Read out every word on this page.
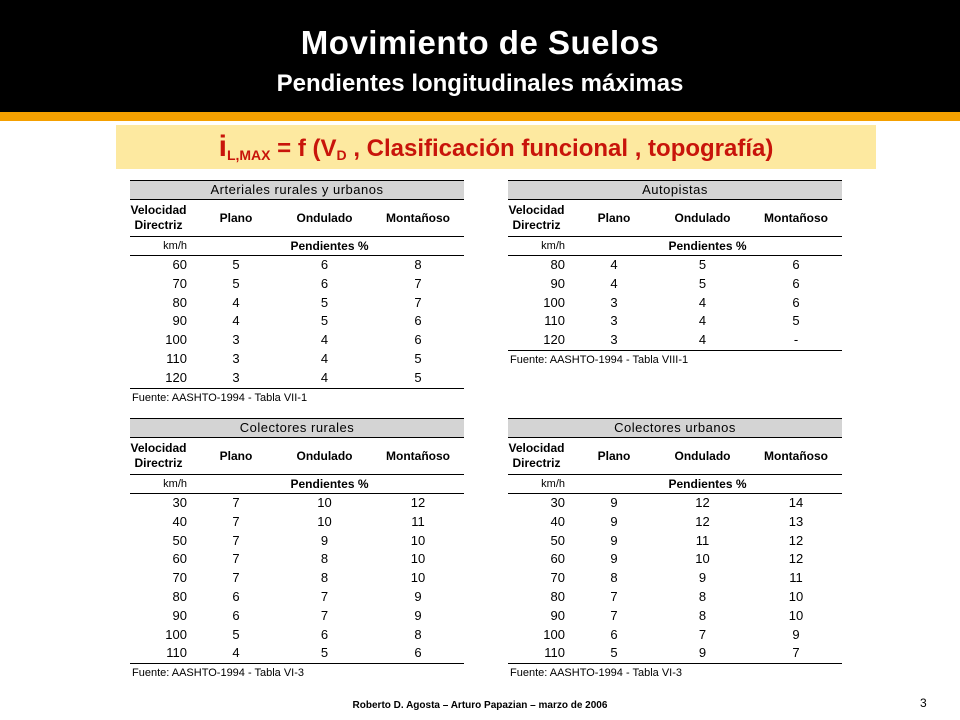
Movimiento de Suelos
Pendientes longitudinales máximas
$i_{L,MAX} = f$ ($V_D$ , Clasificación funcional , topografía)
Arteriales rurales y urbanos
Velocidad Directriz
Plano	Ondulado	Montañoso
km/h	Pendientes %
60	5	6	8
70	5	6	7
80	4	5	7
90	4	5	6
100	3	4	6
110	3	4	5
120	3	4	5
Fuente: AASHTO-1994 - Tabla VII-1
Autopistas
Velocidad Directriz
Plano	Ondulado	Montañoso
km/h	Pendientes %
80	4	5	6
90	4	5	6
100	3	4	6
110	3	4	5
120	3	4	-
Fuente: AASHTO-1994 - Tabla VIII-1
Colectores rurales
Velocidad Directriz
Plano	Ondulado	Montañoso
km/h	Pendientes %
30	7	10	12
40	7	10	11
50	7	9	10
60	7	8	10
70	7	8	10
80	6	7	9
90	6	7	9
100	5	6	8
110	4	5	6
Fuente: AASHTO-1994 - Tabla VI-3
Colectores urbanos
Velocidad Directriz
Plano	Ondulado	Montañoso
km/h	Pendientes %
30	9	12	14
40	9	12	13
50	9	11	12
60	9	10	12
70	8	9	11
80	7	8	10
90	7	8	10
100	6	7	9
110	5	9	7
Fuente: AASHTO-1994 - Tabla VI-3
Roberto D. Agosta – Arturo Papazian – marzo de 2006	3
